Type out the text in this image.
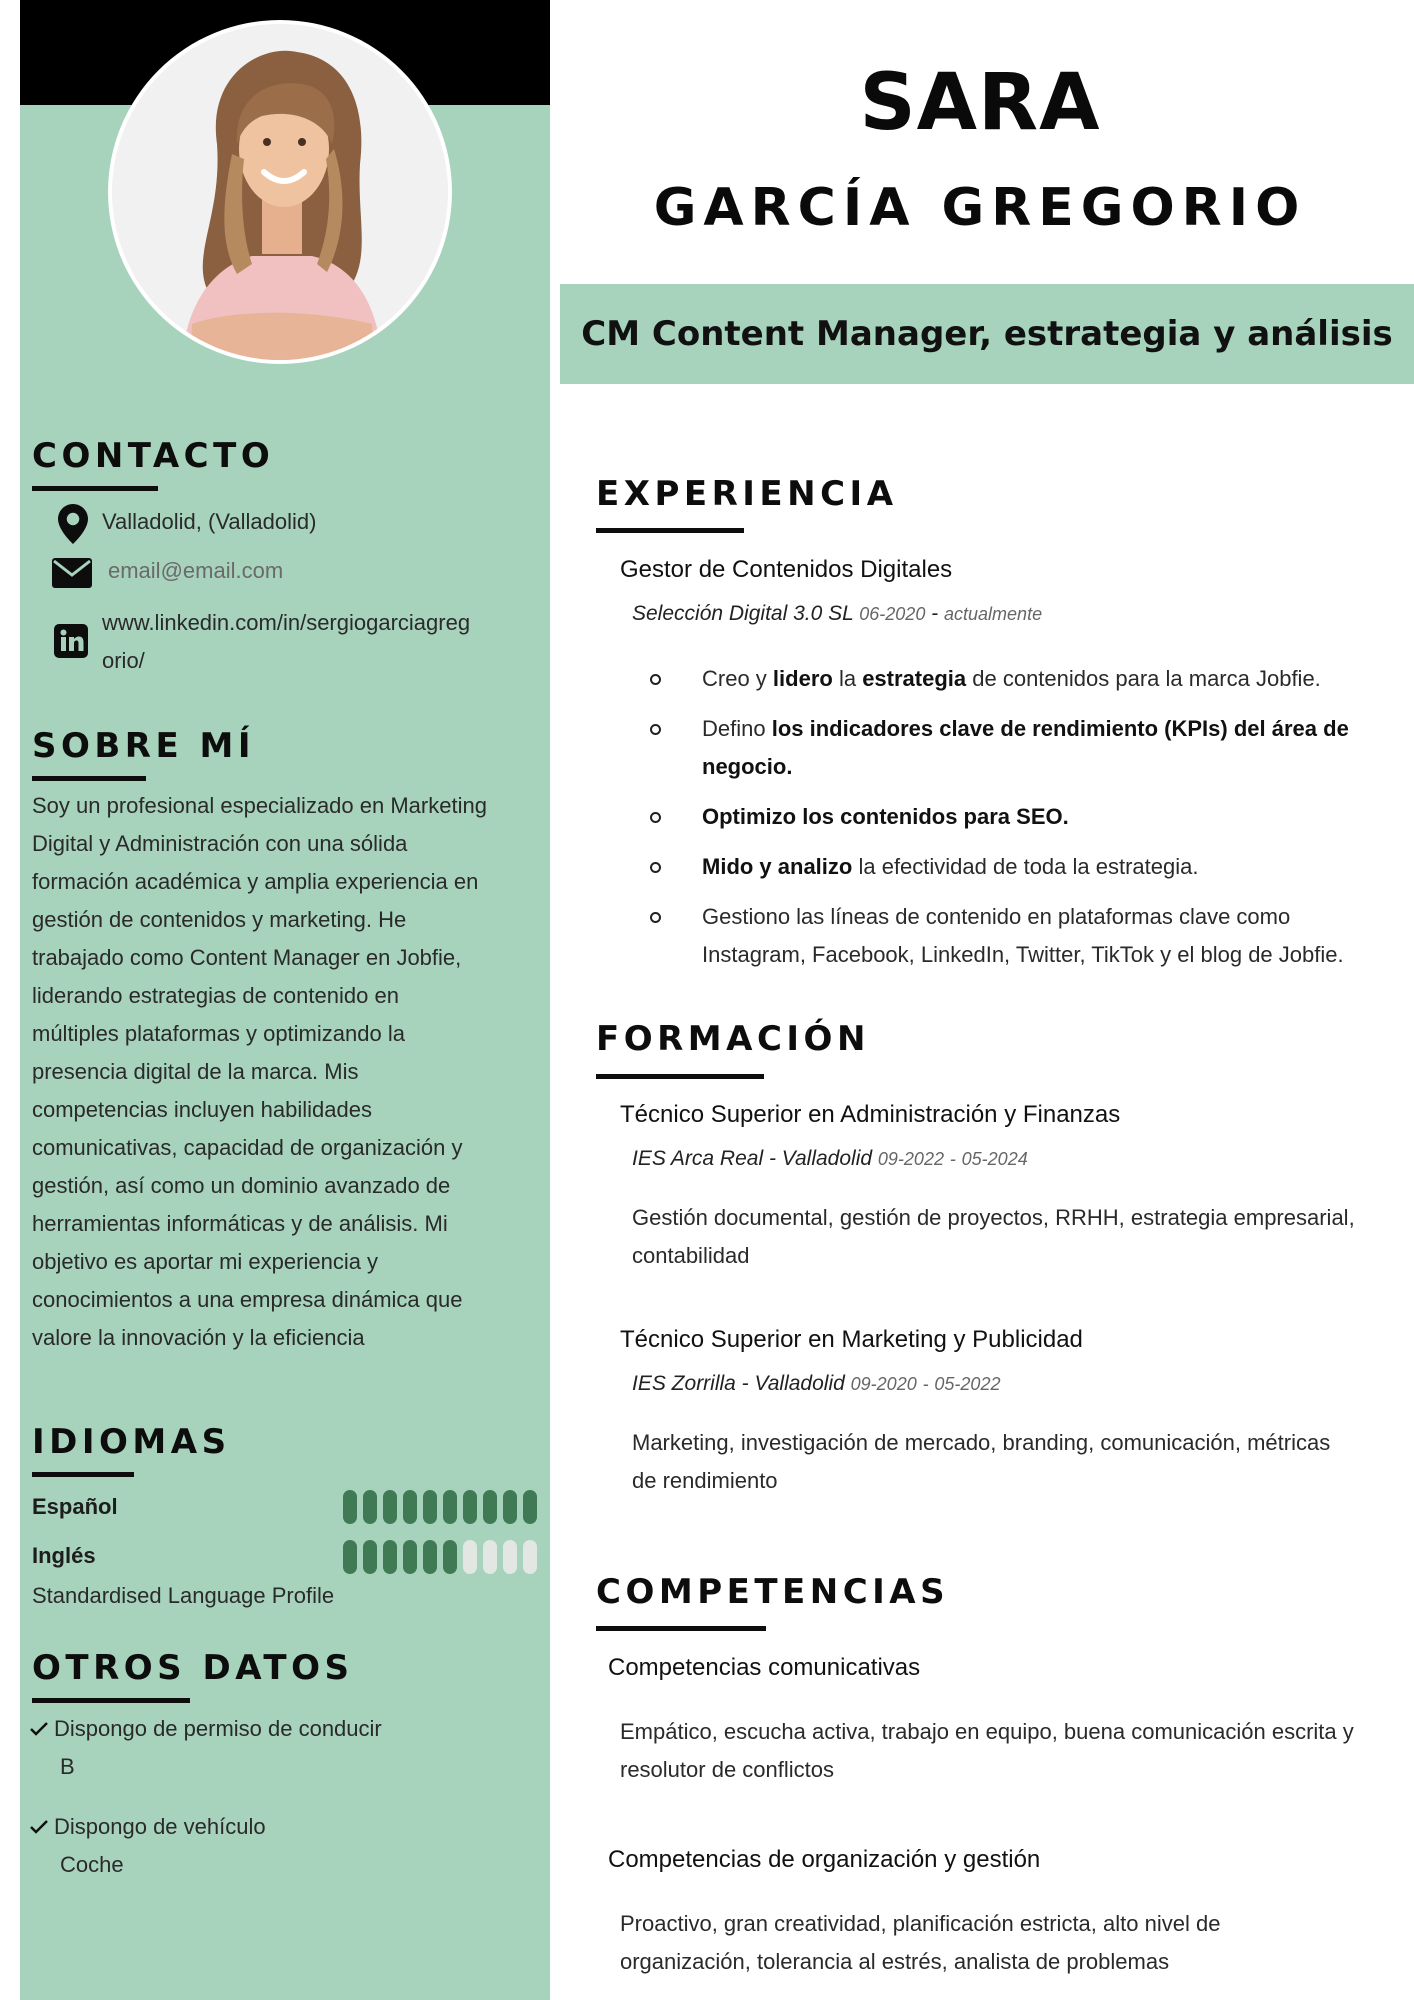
CONTACTO
Valladolid, (Valladolid)
email@email.com
www.linkedin.com/in/sergiogarciagreg
orio/
SOBRE MÍ
Soy un profesional especializado en Marketing
Digital y Administración con una sólida
formación académica y amplia experiencia en
gestión de contenidos y marketing. He
trabajado como Content Manager en Jobfie,
liderando estrategias de contenido en
múltiples plataformas y optimizando la
presencia digital de la marca. Mis
competencias incluyen habilidades
comunicativas, capacidad de organización y
gestión, así como un dominio avanzado de
herramientas informáticas y de análisis. Mi
objetivo es aportar mi experiencia y
conocimientos a una empresa dinámica que
valore la innovación y la eficiencia
IDIOMAS
Español
Inglés
Standardised Language Profile
OTROS DATOS
Dispongo de permiso de conducir
B
Dispongo de vehículo
Coche
SARA
GARCÍA GREGORIO
CM Content Manager, estrategia y análisis
EXPERIENCIA
Gestor de Contenidos Digitales
Selección Digital 3.0 SL 06-2020 - actualmente
Creo y lidero la estrategia de contenidos para la marca Jobfie.
Defino los indicadores clave de rendimiento (KPIs) del área de negocio.
Optimizo los contenidos para SEO.
Mido y analizo la efectividad de toda la estrategia.
Gestiono las líneas de contenido en plataformas clave como Instagram, Facebook, LinkedIn, Twitter, TikTok y el blog de Jobfie.
FORMACIÓN
Técnico Superior en Administración y Finanzas
IES Arca Real - Valladolid 09-2022 - 05-2024
Gestión documental, gestión de proyectos, RRHH, estrategia empresarial,
contabilidad
Técnico Superior en Marketing y Publicidad
IES Zorrilla - Valladolid 09-2020 - 05-2022
Marketing, investigación de mercado, branding, comunicación, métricas
de rendimiento
COMPETENCIAS
Competencias comunicativas
Empático, escucha activa, trabajo en equipo, buena comunicación escrita y
resolutor de conflictos
Competencias de organización y gestión
Proactivo, gran creatividad, planificación estricta, alto nivel de
organización, tolerancia al estrés, analista de problemas
